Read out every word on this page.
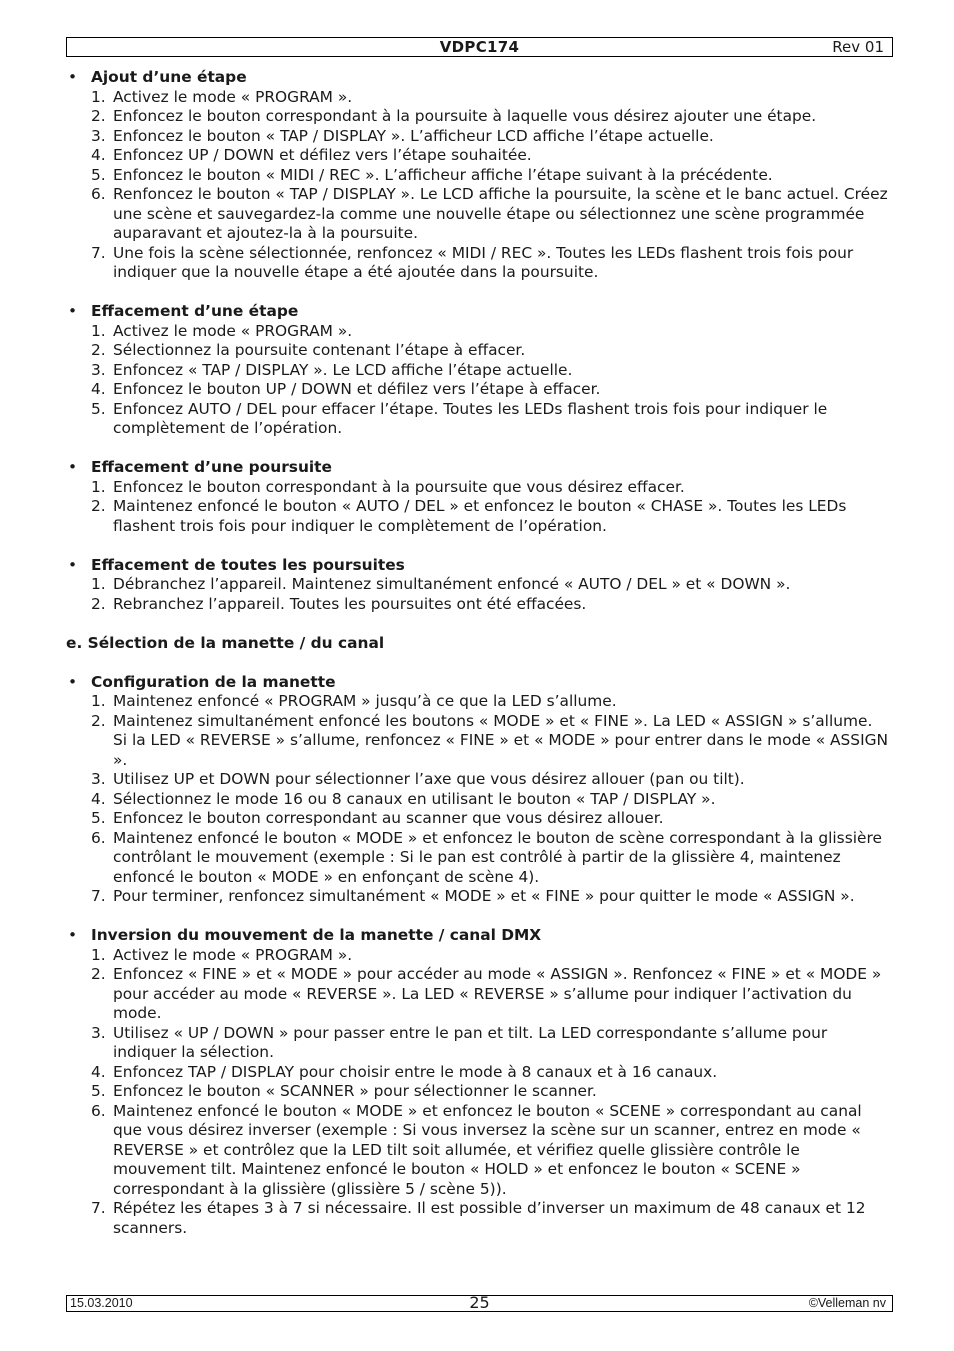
VDPC174	Rev 01
• Ajout d’une étape
1. Activez le mode « PROGRAM ».
2. Enfoncez le bouton correspondant à la poursuite à laquelle vous désirez ajouter une étape.
3. Enfoncez le bouton « TAP / DISPLAY ». L’afficheur LCD affiche l’étape actuelle.
4. Enfoncez UP / DOWN et défilez vers l’étape souhaitée.
5. Enfoncez le bouton « MIDI / REC ». L’afficheur affiche l’étape suivant à la précédente.
6. Renfoncez le bouton « TAP / DISPLAY ». Le LCD affiche la poursuite, la scène et le banc actuel. Créez une scène et sauvegardez-la comme une nouvelle étape ou sélectionnez une scène programmée auparavant et ajoutez-la à la poursuite.
7. Une fois la scène sélectionnée, renfoncez « MIDI / REC ». Toutes les LEDs flashent trois fois pour indiquer que la nouvelle étape a été ajoutée dans la poursuite.
• Effacement d’une étape
1. Activez le mode « PROGRAM ».
2. Sélectionnez la poursuite contenant l’étape à effacer.
3. Enfoncez « TAP / DISPLAY ». Le LCD affiche l’étape actuelle.
4. Enfoncez le bouton UP / DOWN et défilez vers l’étape à effacer.
5. Enfoncez AUTO / DEL pour effacer l’étape. Toutes les LEDs flashent trois fois pour indiquer le complètement de l’opération.
• Effacement d’une poursuite
1. Enfoncez le bouton correspondant à la poursuite que vous désirez effacer.
2. Maintenez enfoncé le bouton « AUTO / DEL » et enfoncez le bouton « CHASE ». Toutes les LEDs flashent trois fois pour indiquer le complètement de l’opération.
• Effacement de toutes les poursuites
1. Débranchez l’appareil. Maintenez simultanément enfoncé « AUTO / DEL » et « DOWN ».
2. Rebranchez l’appareil. Toutes les poursuites ont été effacées.
e. Sélection de la manette / du canal
• Configuration de la manette
1. Maintenez enfoncé « PROGRAM » jusqu’à ce que la LED s’allume.
2. Maintenez simultanément enfoncé les boutons « MODE » et « FINE ». La LED « ASSIGN » s’allume. Si la LED « REVERSE » s’allume, renfoncez « FINE » et « MODE » pour entrer dans le mode « ASSIGN ».
3. Utilisez UP et DOWN pour sélectionner l’axe que vous désirez allouer (pan ou tilt).
4. Sélectionnez le mode 16 ou 8 canaux en utilisant le bouton « TAP / DISPLAY ».
5. Enfoncez le bouton correspondant au scanner que vous désirez allouer.
6. Maintenez enfoncé le bouton « MODE » et enfoncez le bouton de scène correspondant à la glissière contrôlant le mouvement (exemple : Si le pan est contrôlé à partir de la glissière 4, maintenez enfoncé le bouton « MODE » en enfonçant de scène 4).
7. Pour terminer, renfoncez simultanément « MODE » et « FINE » pour quitter le mode « ASSIGN ».
• Inversion du mouvement de la manette / canal DMX
1. Activez le mode « PROGRAM ».
2. Enfoncez « FINE » et « MODE » pour accéder au mode « ASSIGN ». Renfoncez « FINE » et « MODE » pour accéder au mode « REVERSE ». La LED « REVERSE » s’allume pour indiquer l’activation du mode.
3. Utilisez « UP / DOWN » pour passer entre le pan et tilt. La LED correspondante s’allume pour indiquer la sélection.
4. Enfoncez TAP / DISPLAY pour choisir entre le mode à 8 canaux et à 16 canaux.
5. Enfoncez le bouton « SCANNER » pour sélectionner le scanner.
6. Maintenez enfoncé le bouton « MODE » et enfoncez le bouton « SCENE » correspondant au canal que vous désirez inverser (exemple : Si vous inversez la scène sur un scanner, entrez en mode « REVERSE » et contrôlez que la LED tilt soit allumée, et vérifiez quelle glissière contrôle le mouvement tilt. Maintenez enfoncé le bouton « HOLD » et enfoncez le bouton « SCENE » correspondant à la glissière (glissière 5 / scène 5)).
7. Répétez les étapes 3 à 7 si nécessaire. Il est possible d’inverser un maximum de 48 canaux et 12 scanners.
15.03.2010	25	©Velleman nv
